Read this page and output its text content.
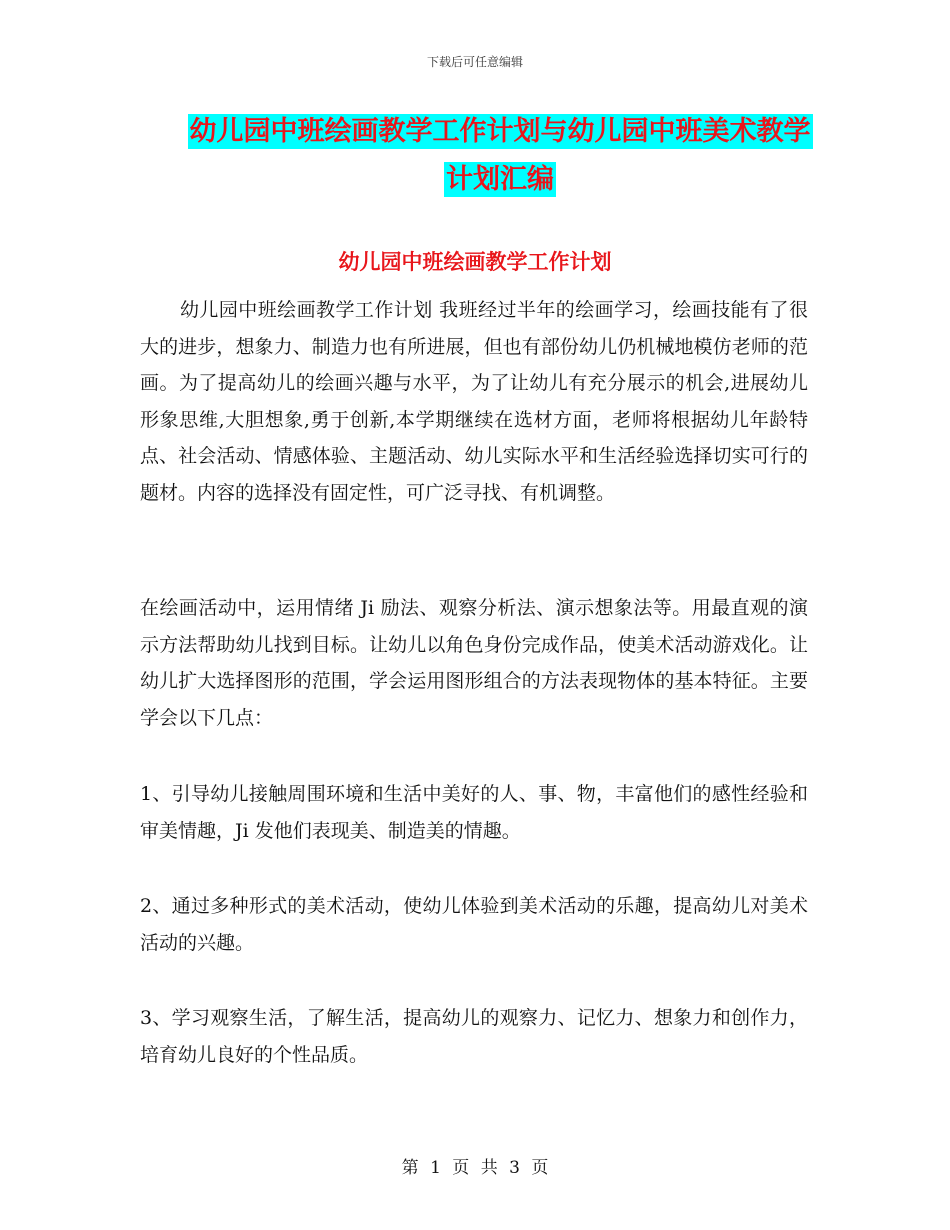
下载后可任意编辑
幼儿园中班绘画教学工作计划与幼儿园中班美术教学
计划汇编
幼儿园中班绘画教学工作计划

幼儿园中班绘画教学工作计划 我班经过半年的绘画学习，绘画技能有了很大的进步，想象力、制造力也有所进展，但也有部份幼儿仍机械地模仿老师的范画。为了提高幼儿的绘画兴趣与水平，为了让幼儿有充分展示的机会,进展幼儿形象思维,大胆想象,勇于创新,本学期继续在选材方面，老师将根据幼儿年龄特点、社会活动、情感体验、主题活动、幼儿实际水平和生活经验选择切实可行的题材。内容的选择没有固定性，可广泛寻找、有机调整。

在绘画活动中，运用情绪 Ji 励法、观察分析法、演示想象法等。用最直观的演示方法帮助幼儿找到目标。让幼儿以角色身份完成作品，使美术活动游戏化。让幼儿扩大选择图形的范围，学会运用图形组合的方法表现物体的基本特征。主要学会以下几点：

1、引导幼儿接触周围环境和生活中美好的人、事、物，丰富他们的感性经验和审美情趣，Ji 发他们表现美、制造美的情趣。

2、通过多种形式的美术活动，使幼儿体验到美术活动的乐趣，提高幼儿对美术活动的兴趣。

3、学习观察生活，了解生活，提高幼儿的观察力、记忆力、想象力和创作力，培育幼儿良好的个性品质。

第 1 页 共 3 页
